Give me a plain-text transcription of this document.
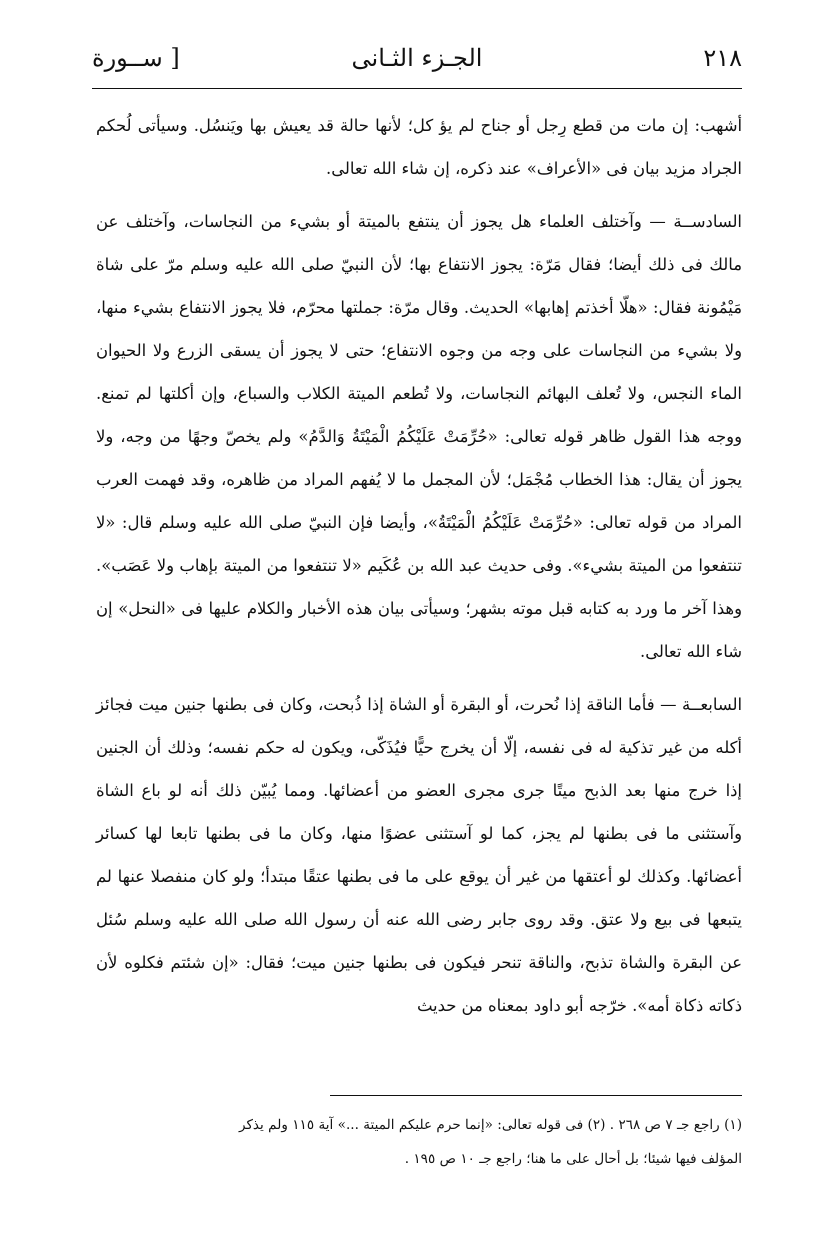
٢١٨
الجـزء الثـانى
[ ســورة

أشهب: إن مات من قطع رِجل أو جناح لم يؤ كل؛ لأنها حالة قد يعيش بها ويَنسُل. وسيأتى لُحكم الجراد مزيد بيان فى «الأعراف» عند ذكره، إن شاء الله تعالى.

السادســة — وآختلف العلماء هل يجوز أن ينتفع بالميتة أو بشيء من النجاسات، وآختلف عن مالك فى ذلك أيضا؛ فقال مَرّة: يجوز الانتفاع بها؛ لأن النبيّ صلى الله عليه وسلم مرّ على شاة مَيْمُونة فقال: «هلّا أخذتم إهابها» الحديث. وقال مرّة: جملتها محرّم، فلا يجوز الانتفاع بشيء منها، ولا بشيء من النجاسات على وجه من وجوه الانتفاع؛ حتى لا يجوز أن يسقى الزرع ولا الحيوان الماء النجس، ولا تُعلف البهائم النجاسات، ولا تُطعم الميتة الكلاب والسباع، وإن أكلتها لم تمنع. ووجه هذا القول ظاهر قوله تعالى: «حُرِّمَتْ عَلَيْكُمُ الْمَيْتَةُ وَالدَّمُ» ولم يخصّ وجهًا من وجه، ولا يجوز أن يقال: هذا الخطاب مُجْمَل؛ لأن المجمل ما لا يُفهم المراد من ظاهره، وقد فهمت العرب المراد من قوله تعالى: «حُرِّمَتْ عَلَيْكُمُ الْمَيْتَةُ»، وأيضا فإن النبيّ صلى الله عليه وسلم قال: «لا تنتفعوا من الميتة بشيء». وفى حديث عبد الله بن عُكَيم «لا تنتفعوا من الميتة بإهاب ولا عَصَب». وهذا آخر ما ورد به كتابه قبل موته بشهر؛ وسيأتى بيان هذه الأخبار والكلام عليها فى «النحل» إن شاء الله تعالى.

السابعــة — فأما الناقة إذا نُحرت، أو البقرة أو الشاة إذا ذُبحت، وكان فى بطنها جنين ميت فجائز أكله من غير تذكية له فى نفسه، إلّا أن يخرج حيًّا فيُذَكّى، ويكون له حكم نفسه؛ وذلك أن الجنين إذا خرج منها بعد الذبح ميتًا جرى مجرى العضو من أعضائها. ومما يُبيّن ذلك أنه لو باع الشاة وآستثنى ما فى بطنها لم يجز، كما لو آستثنى عضوًا منها، وكان ما فى بطنها تابعا لها كسائر أعضائها. وكذلك لو أعتقها من غير أن يوقع على ما فى بطنها عتقًا مبتدأ؛ ولو كان منفصلا عنها لم يتبعها فى بيع ولا عتق. وقد روى جابر رضى الله عنه أن رسول الله صلى الله عليه وسلم سُئل عن البقرة والشاة تذبح، والناقة تنحر فيكون فى بطنها جنين ميت؛ فقال: «إن شئتم فكلوه لأن ذكاته ذكاة أمه». خرّجه أبو داود بمعناه من حديث

(١) راجع جـ ٧ ص ٢٦٨ . (٢) فى قوله تعالى: «إنما حرم عليكم الميتة ...» آية ١١٥ ولم يذكر

المؤلف فيها شيئا؛ بل أحال على ما هنا؛ راجع جـ ١٠ ص ١٩٥ .
